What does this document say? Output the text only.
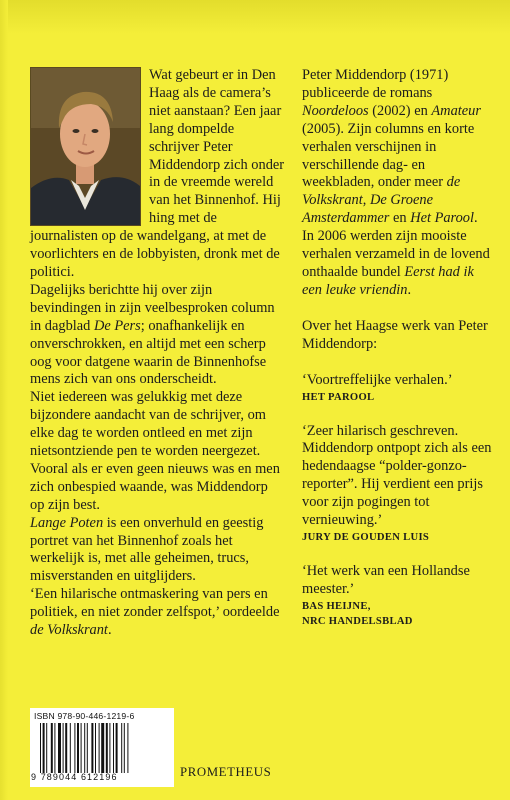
Wat gebeurt er in Den Haag als de camera’s niet aanstaan? Een jaar lang dompelde schrijver Peter Middendorp zich onder in de vreemde wereld van het Binnenhof. Hij hing met de journalisten op de wandelgang, at met de voorlichters en de lobbyisten, dronk met de politici.

Dagelijks berichtte hij over zijn bevindingen in zijn veelbesproken column in dagblad De Pers; onafhankelijk en onverschrokken, en altijd met een scherp oog voor datgene waarin de Binnenhofse mens zich van ons onderscheidt.

Niet iedereen was gelukkig met deze bijzondere aandacht van de schrijver, om elke dag te worden ontleed en met zijn nietsontziende pen te worden neergezet. Vooral als er even geen nieuws was en men zich onbespied waande, was Middendorp op zijn best.

Lange Poten is een onverhuld en geestig portret van het Binnenhof zoals het werkelijk is, met alle geheimen, trucs, misverstanden en uitglijders.

‘Een hilarische ontmaskering van pers en politiek, en niet zonder zelfspot,’ oordeelde de Volkskrant.

Peter Middendorp (1971) publiceerde de romans Noordeloos (2002) en Amateur (2005). Zijn columns en korte verhalen verschijnen in verschillende dag- en weekbladen, onder meer de Volkskrant, De Groene Amsterdammer en Het Parool. In 2006 werden zijn mooiste verhalen verzameld in de lovend onthaalde bundel Eerst had ik een leuke vriendin.

Over het Haagse werk van Peter Middendorp:

‘Voortreffelijke verhalen.’
HET PAROOL

‘Zeer hilarisch geschreven. Middendorp ontpopt zich als een hedendaagse “polder-gonzo-reporter”. Hij verdient een prijs voor zijn pogingen tot vernieuwing.’
JURY DE GOUDEN LUIS

‘Het werk van een Hollandse meester.’
BAS HEIJNE,
NRC HANDELSBLAD

ISBN 978-90-446-1219-6
9 789044 612196	PROMETHEUS
